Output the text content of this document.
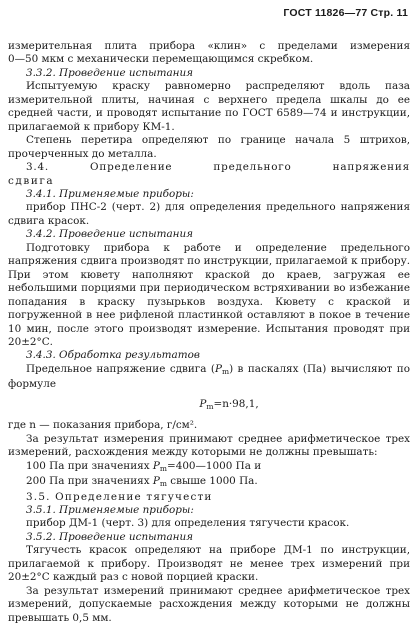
ГОСТ 11826—77 Стр. 11

измерительная плита прибора «клин» с пределами измерения

0—50 мкм с механически перемещающимся скребком.

3.3.2. Проведение испытания

Испытуемую краску равномерно распределяют вдоль паза измерительной плиты, начиная с верхнего предела шкалы до ее средней части, и проводят испытание по ГОСТ 6589—74 и инструкции, прилагаемой к прибору КМ-1.

Степень перетира определяют по границе начала 5 штрихов, прочерченных до металла.

3.4. Определение предельного напряжения

сдвига

3.4.1. Применяемые приборы:

прибор ПНС-2 (черт. 2) для определения предельного напряжения сдвига красок.

3.4.2. Проведение испытания

Подготовку прибора к работе и определение предельного напряжения сдвига производят по инструкции, прилагаемой к прибору. При этом кювету наполняют краской до краев, загружая ее небольшими порциями при периодическом встряхивании во избежание попадания в краску пузырьков воздуха. Кювету с краской и погруженной в нее рифленой пластинкой оставляют в покое в течение 10 мин, после этого производят измерение. Испытания проводят при 20±2°С.

3.4.3. Обработка результатов

Предельное напряжение сдвига $(P_m)$ в паскалях (Па) вычисляют по формуле

$P_m=n\cdot 98,1$,

где n — показания прибора, г/см².

За результат измерения принимают среднее арифметическое трех измерений, расхождения между которыми не должны превышать:

100 Па при значениях $P_m=400—1000$ Па и

200 Па при значениях $P_m$ свыше 1000 Па.

3.5. Определение тягучести

3.5.1. Применяемые приборы:

прибор ДМ-1 (черт. 3) для определения тягучести красок.

3.5.2. Проведение испытания

Тягучесть красок определяют на приборе ДМ-1 по инструкции, прилагаемой к прибору. Производят не менее трех измерений при 20±2°С каждый раз с новой порцией краски.

За результат измерений принимают среднее арифметическое трех измерений, допускаемые расхождения между которыми не должны превышать 0,5 мм.
